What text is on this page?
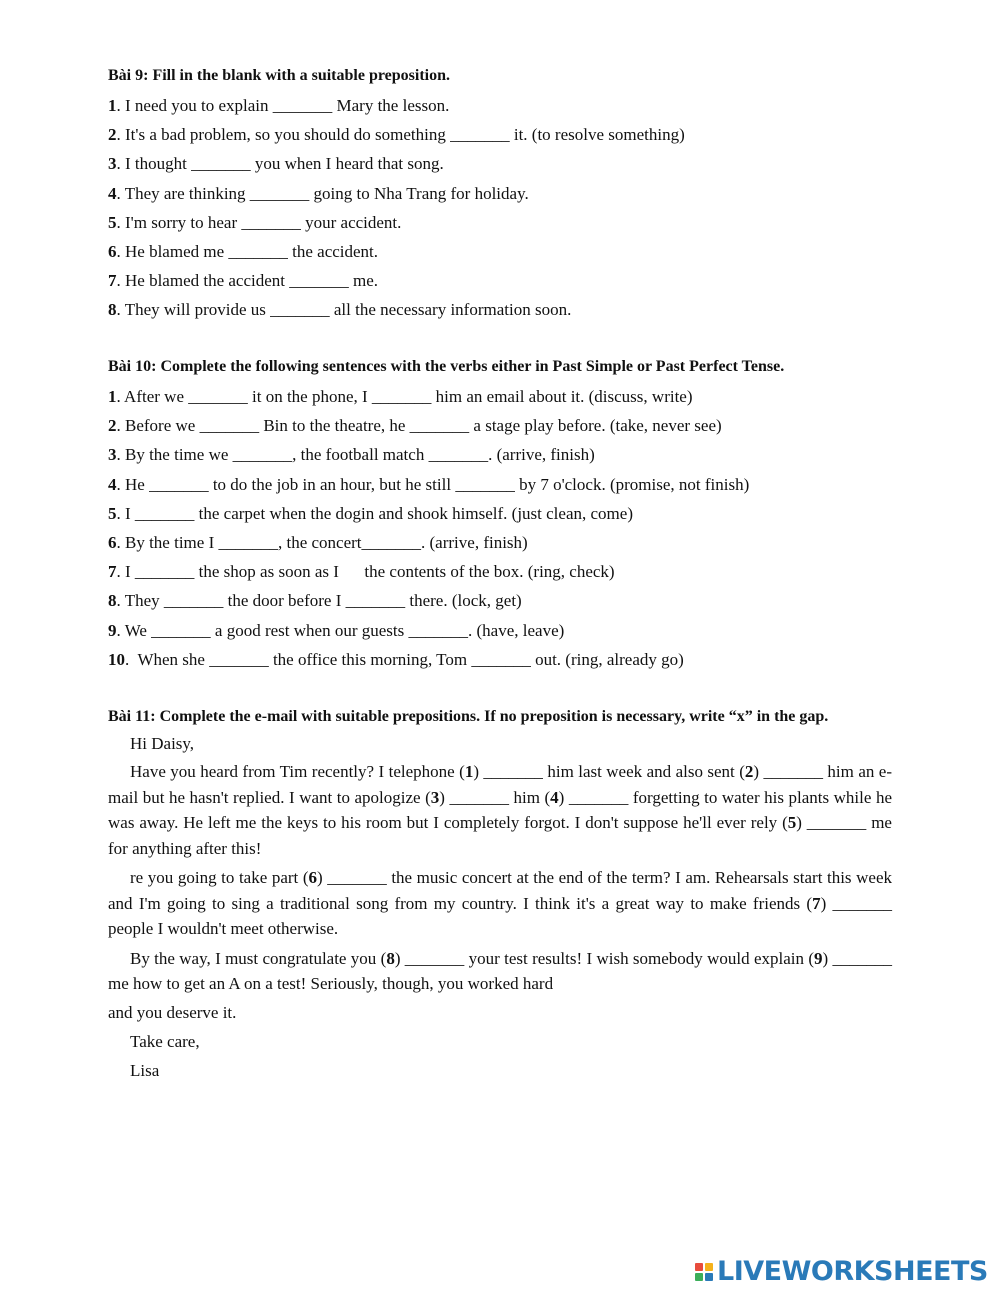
Bài 9: Fill in the blank with a suitable preposition.

1. I need you to explain _______ Mary the lesson.
2. It's a bad problem, so you should do something _______ it. (to resolve something)
3. I thought _______ you when I heard that song.
4. They are thinking _______ going to Nha Trang for holiday.
5. I'm sorry to hear _______ your accident.
6. He blamed me _______ the accident.
7. He blamed the accident _______ me.
8. They will provide us _______ all the necessary information soon.

Bài 10: Complete the following sentences with the verbs either in Past Simple or Past Perfect Tense.

1. After we _______ it on the phone, I _______ him an email about it. (discuss, write)
2. Before we _______ Bin to the theatre, he _______ a stage play before. (take, never see)
3. By the time we _______, the football match _______. (arrive, finish)
4. He _______ to do the job in an hour, but he still _______ by 7 o'clock. (promise, not finish)
5. I _______ the carpet when the dogin and shook himself. (just clean, come)
6. By the time I _______, the concert_______. (arrive, finish)
7. I _______ the shop as soon as I      the contents of the box. (ring, check)
8. They _______ the door before I _______ there. (lock, get)
9. We _______ a good rest when our guests _______. (have, leave)
10.  When she _______ the office this morning, Tom _______ out. (ring, already go)

Bài 11: Complete the e-mail with suitable prepositions. If no preposition is necessary, write “x” in the gap.

Hi Daisy,

Have you heard from Tim recently? I telephone (1) _______ him last week and also sent (2) _______ him an e-mail but he hasn't replied. I want to apologize (3) _______ him (4) _______ forgetting to water his plants while he was away. He left me the keys to his room but I completely forgot. I don't suppose he'll ever rely (5) _______ me for anything after this!

re you going to take part (6) _______ the music concert at the end of the term? I am. Rehearsals start this week and I'm going to sing a traditional song from my country. I think it's a great way to make friends (7) _______ people I wouldn't meet otherwise.

By the way, I must congratulate you (8) _______ your test results! I wish somebody would explain (9) _______ me how to get an A on a test! Seriously, though, you worked hard

and you deserve it.
Take care,
Lisa
LIVEWORKSHEETS
